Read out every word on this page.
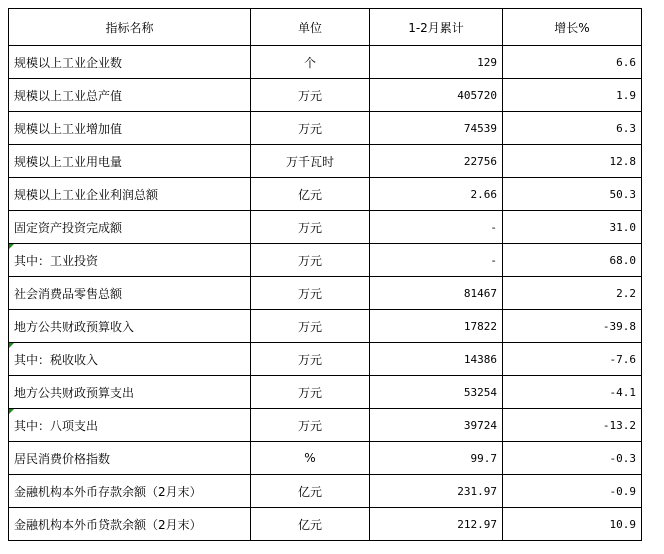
指标名称	单位	1-2月累计	增长%
规模以上工业企业数	个	129	6.6
规模以上工业总产值	万元	405720	1.9
规模以上工业增加值	万元	74539	6.3
规模以上工业用电量	万千瓦时	22756	12.8
规模以上工业企业利润总额	亿元	2.66	50.3
固定资产投资完成额	万元	-	31.0

其中：工业投资	万元	-	68.0
社会消费品零售总额	万元	81467	2.2
地方公共财政预算收入	万元	17822	-39.8

其中：税收收入	万元	14386	-7.6
地方公共财政预算支出	万元	53254	-4.1

其中：八项支出	万元	39724	-13.2
居民消费价格指数	%	99.7	-0.3
金融机构本外币存款余额（2月末）	亿元	231.97	-0.9
金融机构本外币贷款余额（2月末）	亿元	212.97	10.9
